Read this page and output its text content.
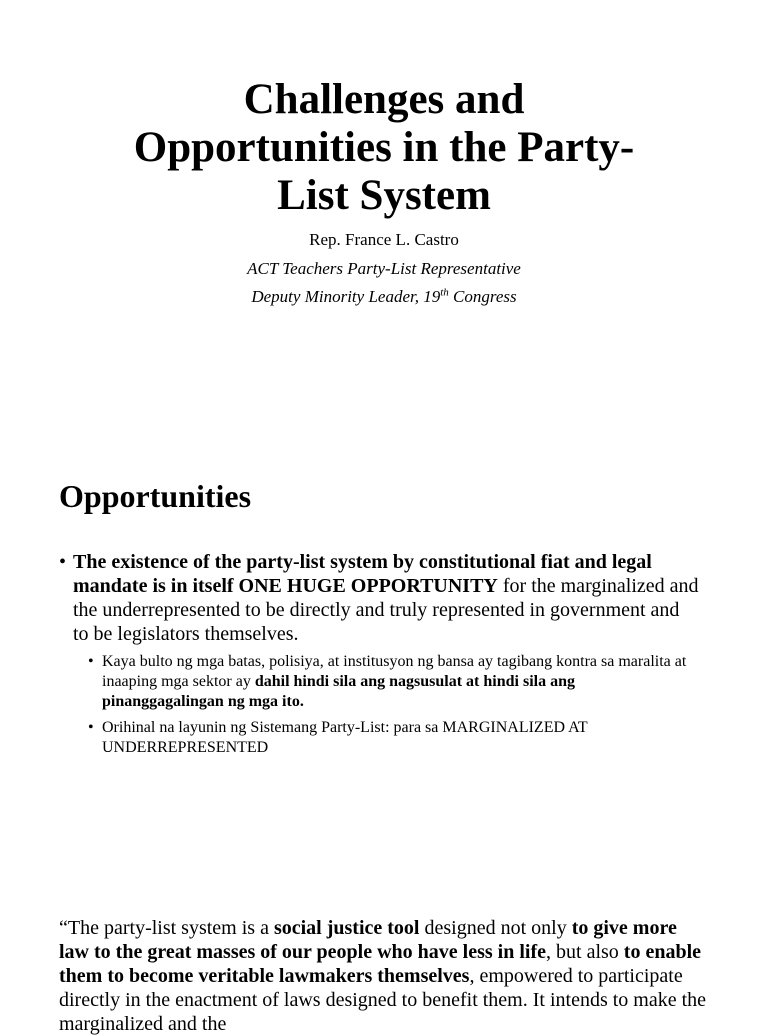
Challenges and
Opportunities in the Party-
List System

Rep. France L. Castro

ACT Teachers Party-List Representative

Deputy Minority Leader, 19th Congress

Opportunities
• The existence of the party-list system by constitutional fiat and legal mandate is in itself ONE HUGE OPPORTUNITY for the marginalized and the underrepresented to be directly and truly represented in government and to be legislators themselves.
• Kaya bulto ng mga batas, polisiya, at institusyon ng bansa ay tagibang kontra sa maralita at inaaping mga sektor ay dahil hindi sila ang nagsusulat at hindi sila ang pinanggagalingan ng mga ito.
• Orihinal na layunin ng Sistemang Party-List: para sa MARGINALIZED AT UNDERREPRESENTED
“The party-list system is a social justice tool designed not only to give more law to the great masses of our people who have less in life, but also to enable them to become veritable lawmakers themselves, empowered to participate directly in the enactment of laws designed to benefit them. It intends to make the marginalized and the
